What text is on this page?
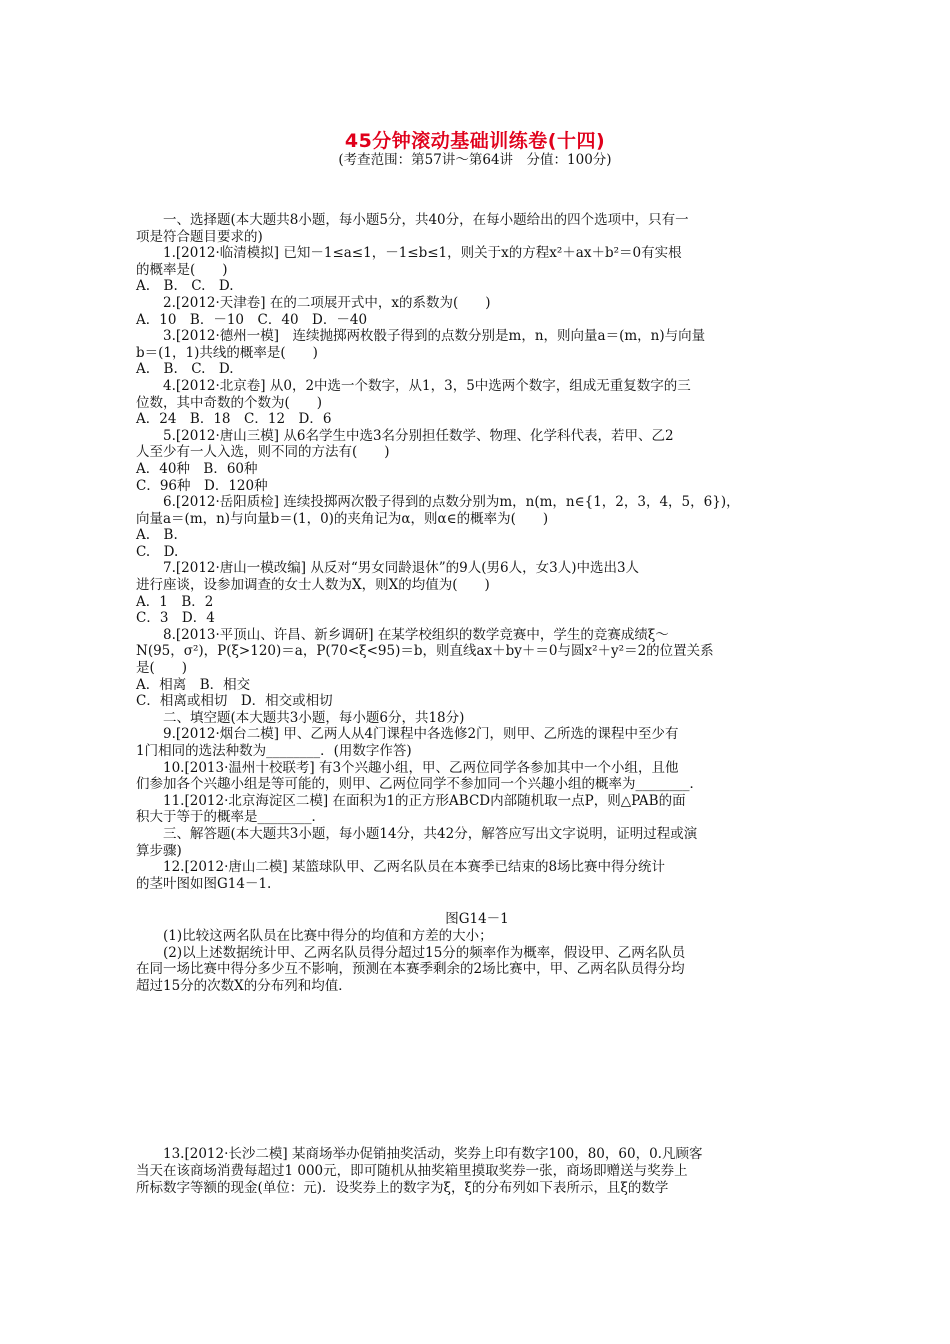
45分钟滚动基础训练卷(十四)
(考查范围：第57讲～第64讲　分值：100分)

一、选择题(本大题共8小题，每小题5分，共40分，在每小题给出的四个选项中，只有一

项是符合题目要求的)

1.[2012·临清模拟] 已知－1≤a≤1，－1≤b≤1，则关于x的方程x²＋ax＋b²＝0有实根

的概率是(　　)

A.　B.　C.　D.

2.[2012·天津卷] 在的二项展开式中，x的系数为(　　)

A．10　B．－10　C．40　D．－40

3.[2012·德州一模]　连续抛掷两枚骰子得到的点数分别是m，n，则向量a＝(m，n)与向量

b＝(1，1)共线的概率是(　　)

A.　B.　C.　D.

4.[2012·北京卷] 从0，2中选一个数字，从1，3，5中选两个数字，组成无重复数字的三

位数，其中奇数的个数为(　　)

A．24　B．18　C．12　D．6

5.[2012·唐山三模] 从6名学生中选3名分别担任数学、物理、化学科代表，若甲、乙2

人至少有一人入选，则不同的方法有(　　)

A．40种　B．60种

C．96种　D．120种

6.[2012·岳阳质检] 连续投掷两次骰子得到的点数分别为m，n(m，n∈{1，2，3，4，5，6})，

向量a＝(m，n)与向量b＝(1，0)的夹角记为α，则α∈的概率为(　　)

A.　B.

C.　D.

7.[2012·唐山一模改编] 从反对“男女同龄退休”的9人(男6人，女3人)中选出3人

进行座谈，设参加调查的女士人数为X，则X的均值为(　　)

A．1　B．2

C．3　D．4

8.[2013·平顶山、许昌、新乡调研] 在某学校组织的数学竞赛中，学生的竞赛成绩ξ～

N(95，σ²)，P(ξ>120)＝a，P(70<ξ<95)＝b，则直线ax＋by＋＝0与圆x²＋y²＝2的位置关系

是(　　)

A．相离　B．相交

C．相离或相切　D．相交或相切

二、填空题(本大题共3小题，每小题6分，共18分)

9.[2012·烟台二模] 甲、乙两人从4门课程中各选修2门，则甲、乙所选的课程中至少有

1门相同的选法种数为________．(用数字作答)

10.[2013·温州十校联考] 有3个兴趣小组，甲、乙两位同学各参加其中一个小组，且他

们参加各个兴趣小组是等可能的，则甲、乙两位同学不参加同一个兴趣小组的概率为________．

11.[2012·北京海淀区二模] 在面积为1的正方形ABCD内部随机取一点P，则△PAB的面

积大于等于的概率是________．

三、解答题(本大题共3小题，每小题14分，共42分，解答应写出文字说明，证明过程或演

算步骤)

12.[2012·唐山二模] 某篮球队甲、乙两名队员在本赛季已结束的8场比赛中得分统计

的茎叶图如图G14－1.

图G14－1

(1)比较这两名队员在比赛中得分的均值和方差的大小；

(2)以上述数据统计甲、乙两名队员得分超过15分的频率作为概率，假设甲、乙两名队员

在同一场比赛中得分多少互不影响，预测在本赛季剩余的2场比赛中，甲、乙两名队员得分均

超过15分的次数X的分布列和均值．

13.[2012·长沙二模] 某商场举办促销抽奖活动，奖券上印有数字100，80，60，0.凡顾客

当天在该商场消费每超过1 000元，即可随机从抽奖箱里摸取奖券一张，商场即赠送与奖券上

所标数字等额的现金(单位：元)．设奖券上的数字为ξ，ξ的分布列如下表所示，且ξ的数学
